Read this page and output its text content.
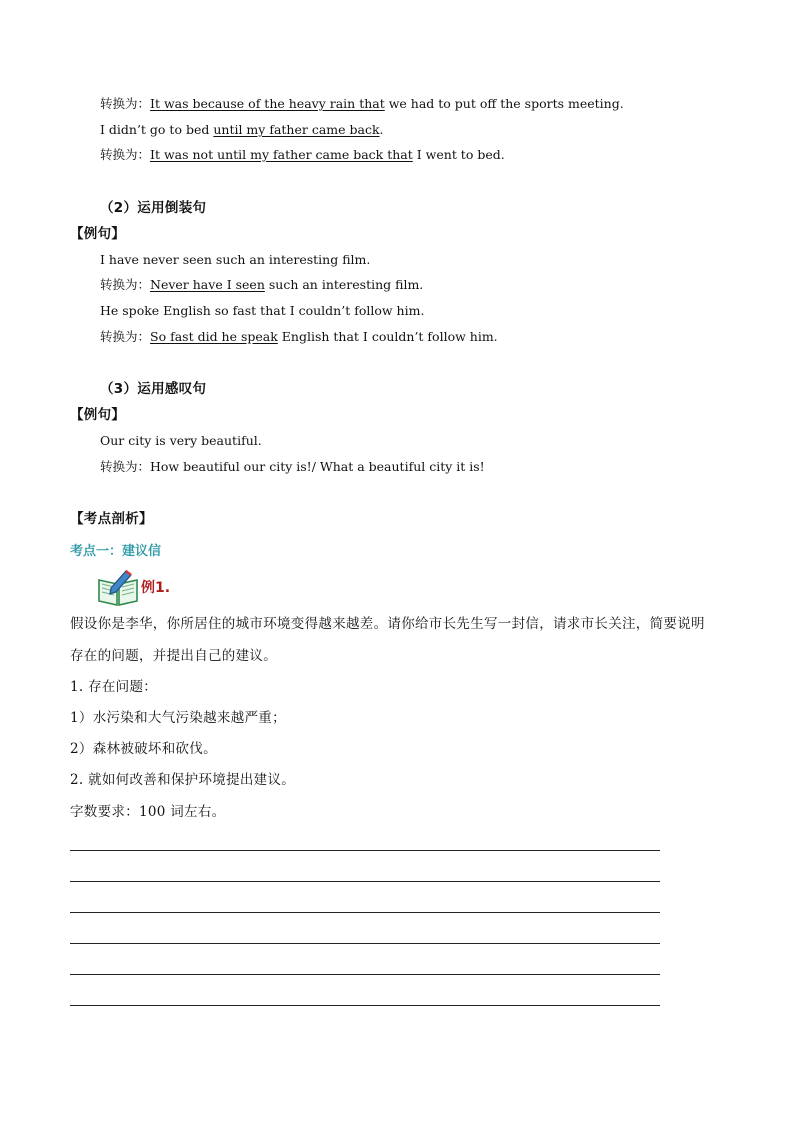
转换为：It was because of the heavy rain that we had to put off the sports meeting.
I didn’t go to bed until my father came back.
转换为：It was not until my father came back that I went to bed.
（2）运用倒装句
【例句】
I have never seen such an interesting film.
转换为：Never have I seen such an interesting film.
He spoke English so fast that I couldn’t follow him.
转换为：So fast did he speak English that I couldn’t follow him.
（3）运用感叹句
【例句】
Our city is very beautiful.
转换为：How beautiful our city is!/ What a beautiful city it is!
【考点剖析】
考点一：建议信
例1.
假设你是李华，你所居住的城市环境变得越来越差。请你给市长先生写一封信，请求市长关注，简要说明
存在的问题，并提出自己的建议。
1. 存在问题：
1）水污染和大气污染越来越严重；
2）森林被破坏和砍伐。
2. 就如何改善和保护环境提出建议。
字数要求：100 词左右。
